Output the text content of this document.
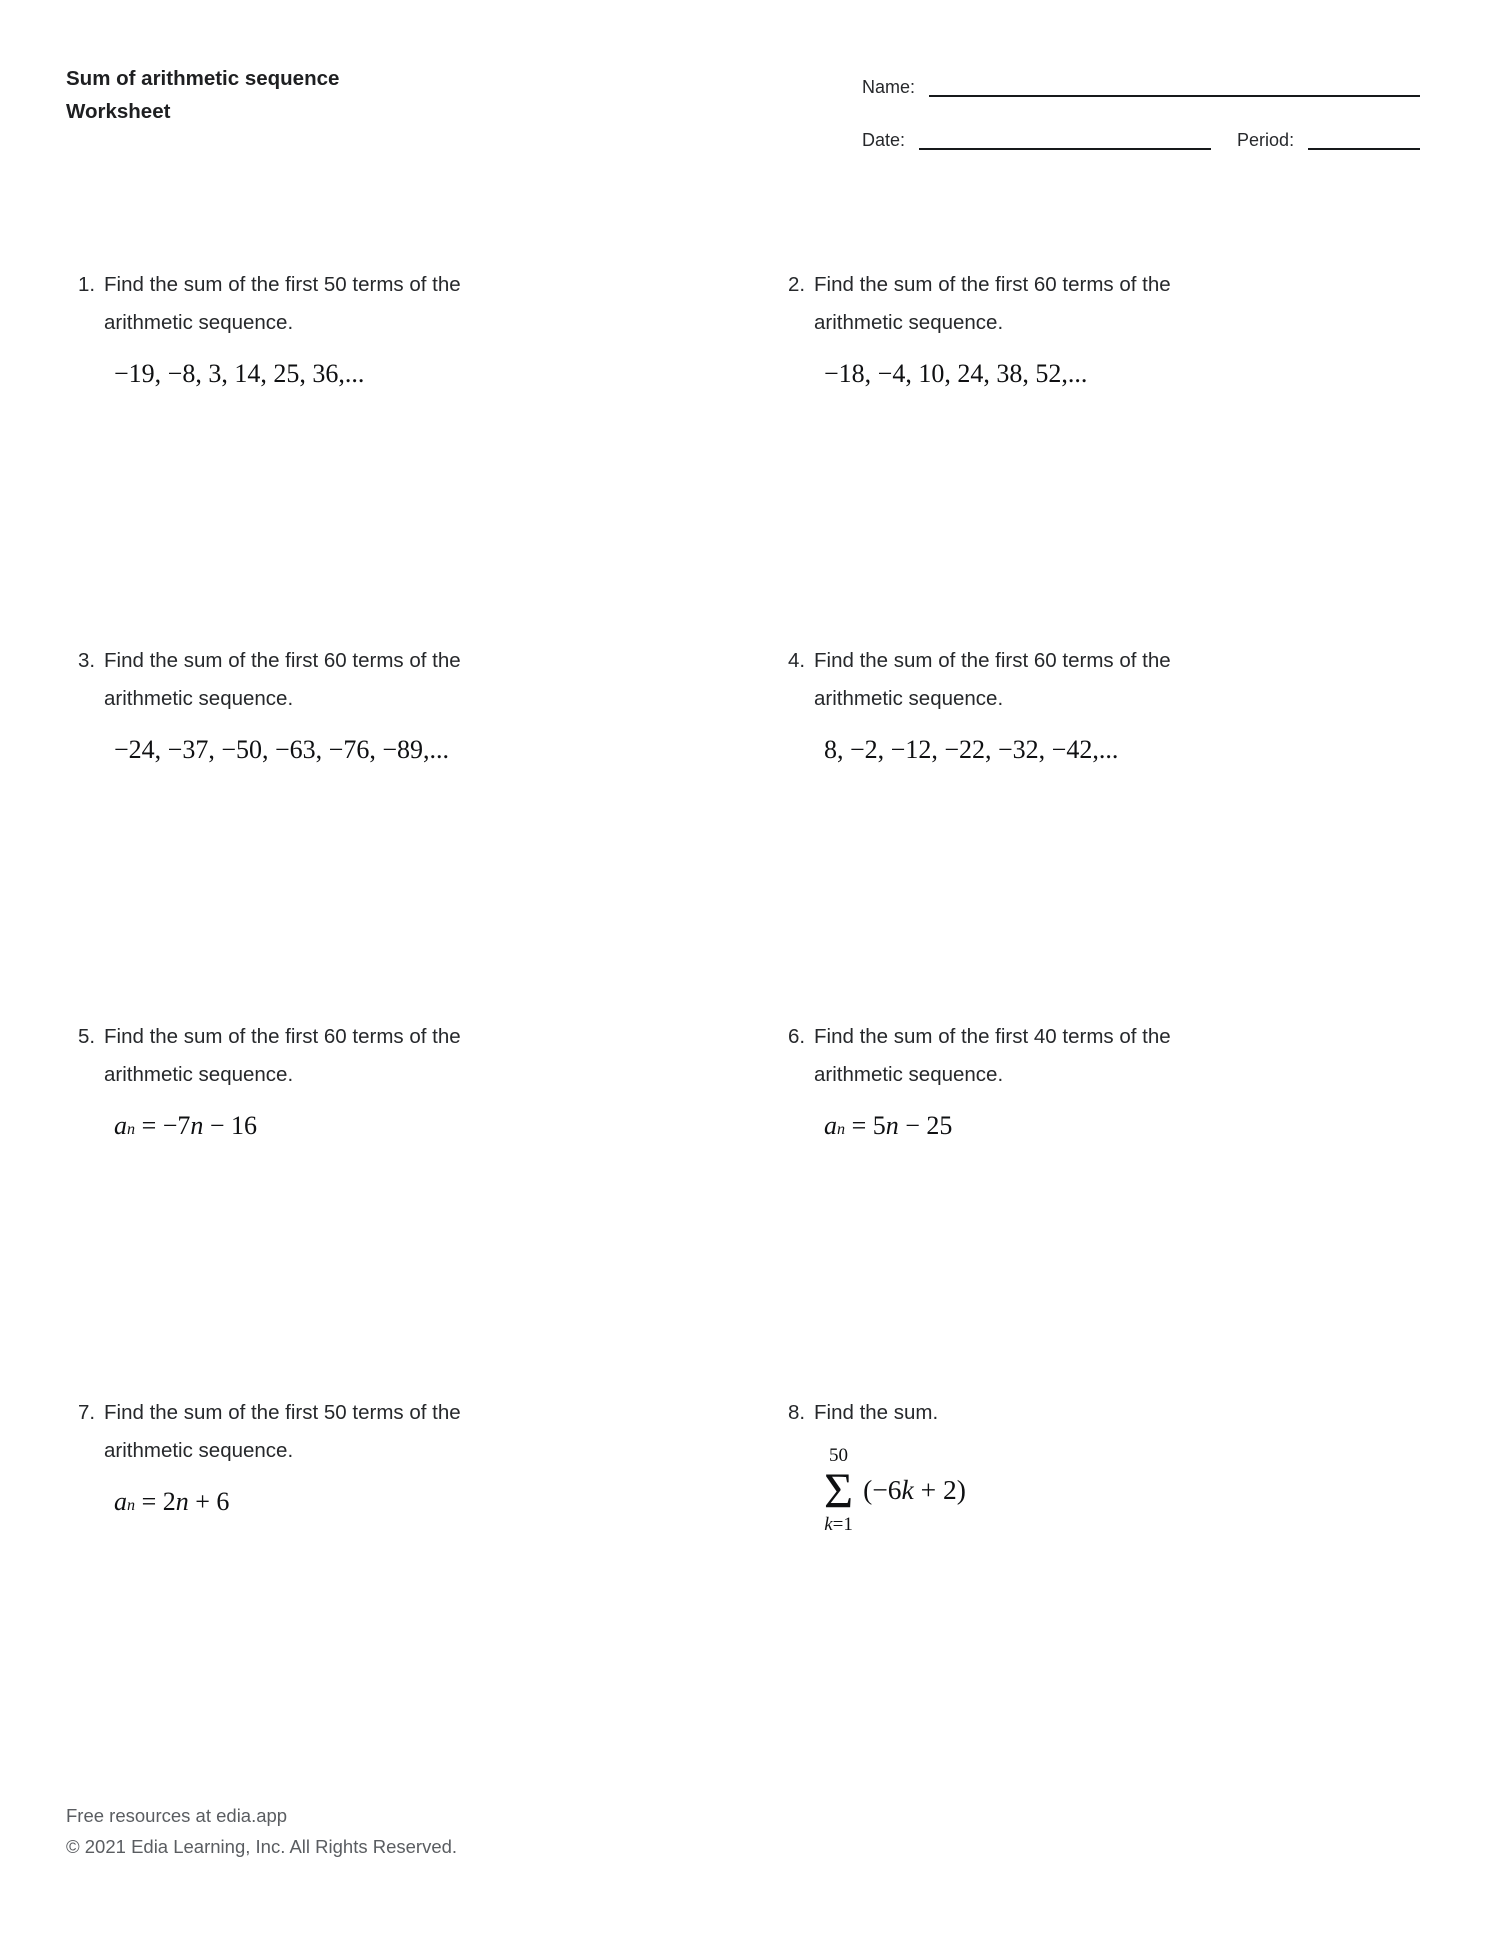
Sum of arithmetic sequence
Worksheet
Name:
Date:	Period:
1. Find the sum of the first 50 terms of the
arithmetic sequence.
−19, −8, 3, 14, 25, 36,...
2. Find the sum of the first 60 terms of the
arithmetic sequence.
−18, −4, 10, 24, 38, 52,...
3. Find the sum of the first 60 terms of the
arithmetic sequence.
−24, −37, −50, −63, −76, −89,...
4. Find the sum of the first 60 terms of the
arithmetic sequence.
8, −2, −12, −22, −32, −42,...
5. Find the sum of the first 60 terms of the
arithmetic sequence.
$a_n = -7n - 16$
6. Find the sum of the first 40 terms of the
arithmetic sequence.
$a_n = 5n - 25$
7. Find the sum of the first 50 terms of the
arithmetic sequence.
$a_n = 2n + 6$
8. Find the sum.
50
Σ
k=1
(−6k + 2)
Free resources at edia.app
© 2021 Edia Learning, Inc. All Rights Reserved.
